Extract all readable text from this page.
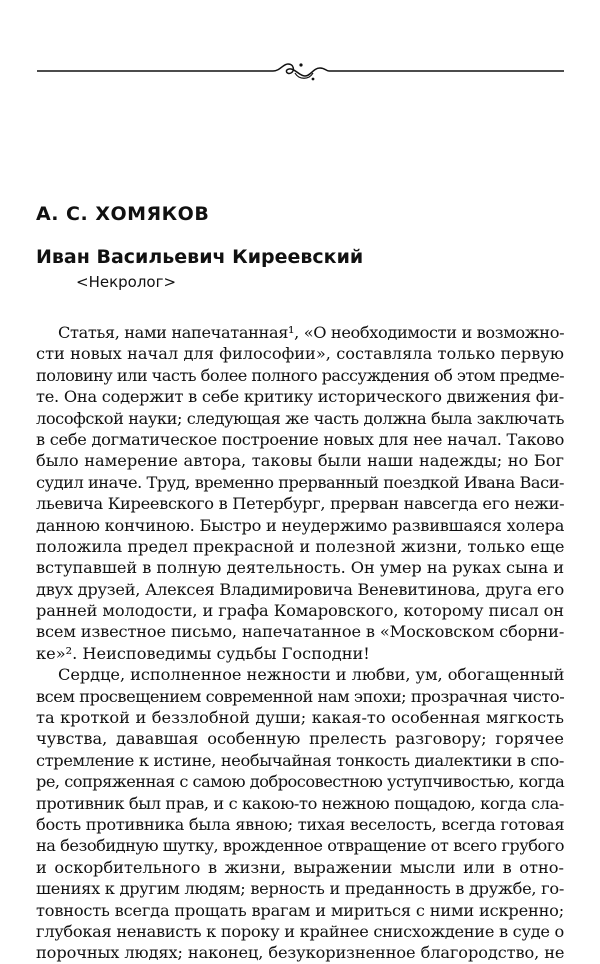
А. С. ХОМЯКОВ
Иван Васильевич Киреевский
<Некролог>
Статья, нами напечатанная¹, «О необходимости и возможно-
сти новых начал для философии», составляла только первую
половину или часть более полного рассуждения об этом предме-
те. Она содержит в себе критику исторического движения фи-
лософской науки; следующая же часть должна была заключать
в себе догматическое построение новых для нее начал. Таково
было намерение автора, таковы были наши надежды; но Бог
судил иначе. Труд, временно прерванный поездкой Ивана Васи-
льевича Киреевского в Петербург, прерван навсегда его нежи-
данною кончиною. Быстро и неудержимо развившаяся холера
положила предел прекрасной и полезной жизни, только еще
вступавшей в полную деятельность. Он умер на руках сына и
двух друзей, Алексея Владимировича Веневитинова, друга его
ранней молодости, и графа Комаровского, которому писал он
всем известное письмо, напечатанное в «Московском сборни-
ке»². Неисповедимы судьбы Господни!
Сердце, исполненное нежности и любви, ум, обогащенный
всем просвещением современной нам эпохи; прозрачная чисто-
та кроткой и беззлобной души; какая-то особенная мягкость
чувства, дававшая особенную прелесть разговору; горячее
стремление к истине, необычайная тонкость диалектики в спо-
ре, сопряженная с самою добросовестною уступчивостью, когда
противник был прав, и с какою-то нежною пощадою, когда сла-
бость противника была явною; тихая веселость, всегда готовая
на безобидную шутку, врожденное отвращение от всего грубого
и оскорбительного в жизни, выражении мысли или в отно-
шениях к другим людям; верность и преданность в дружбе, го-
товность всегда прощать врагам и мириться с ними искренно;
глубокая ненависть к пороку и крайнее снисхождение в суде о
порочных людях; наконец, безукоризненное благородство, не
